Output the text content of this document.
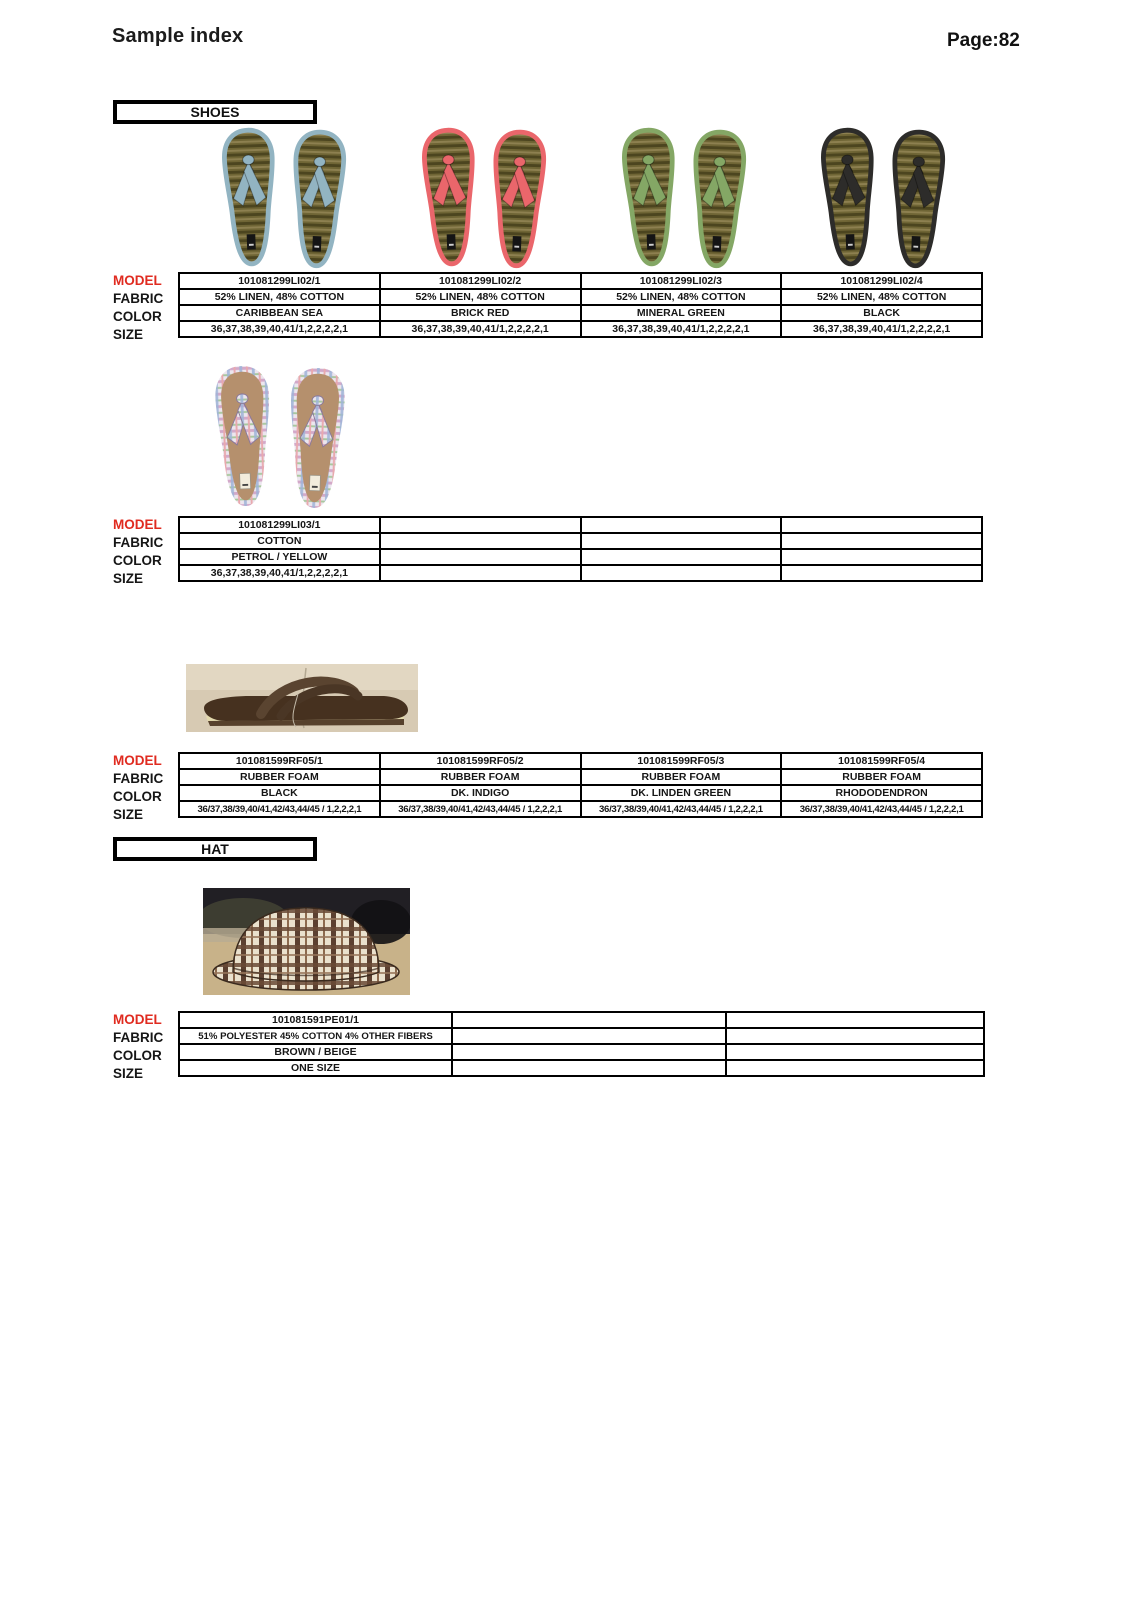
Sample index	Page:82
SHOES
MODEL
FABRIC
COLOR
SIZE
101081299LI02/1	101081299LI02/2	101081299LI02/3	101081299LI02/4
52% LINEN, 48% COTTON	52% LINEN, 48% COTTON	52% LINEN, 48% COTTON	52% LINEN, 48% COTTON
CARIBBEAN SEA	BRICK RED	MINERAL GREEN	BLACK
36,37,38,39,40,41/1,2,2,2,2,1	36,37,38,39,40,41/1,2,2,2,2,1	36,37,38,39,40,41/1,2,2,2,2,1	36,37,38,39,40,41/1,2,2,2,2,1
MODEL
FABRIC
COLOR
SIZE
101081299LI03/1			
COTTON			
PETROL / YELLOW			
36,37,38,39,40,41/1,2,2,2,2,1			
MODEL
FABRIC
COLOR
SIZE
101081599RF05/1	101081599RF05/2	101081599RF05/3	101081599RF05/4
RUBBER FOAM	RUBBER FOAM	RUBBER FOAM	RUBBER FOAM
BLACK	DK. INDIGO	DK. LINDEN GREEN	RHODODENDRON
36/37,38/39,40/41,42/43,44/45 / 1,2,2,2,1	36/37,38/39,40/41,42/43,44/45 / 1,2,2,2,1	36/37,38/39,40/41,42/43,44/45 / 1,2,2,2,1	36/37,38/39,40/41,42/43,44/45 / 1,2,2,2,1
HAT
MODEL
FABRIC
COLOR
SIZE
101081591PE01/1		
51% POLYESTER 45% COTTON 4% OTHER FIBERS		
BROWN / BEIGE		
ONE SIZE		
